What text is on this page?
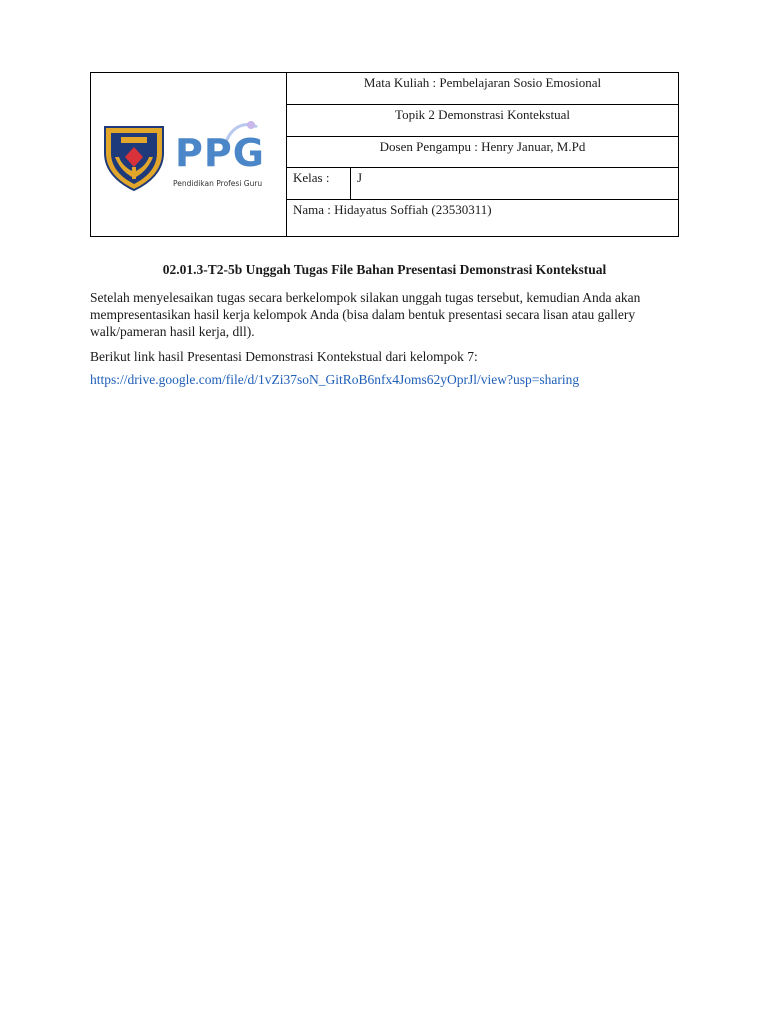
PPG
Pendidikan Profesi Guru
Mata Kuliah : Pembelajaran Sosio Emosional
Topik 2 Demonstrasi Kontekstual
Dosen Pengampu : Henry Januar, M.Pd
Kelas :	J
Nama : Hidayatus Soffiah (23530311)
02.01.3-T2-5b Unggah Tugas File Bahan Presentasi Demonstrasi Kontekstual
Setelah menyelesaikan tugas secara berkelompok silakan unggah tugas tersebut, kemudian Anda akan mempresentasikan hasil kerja kelompok Anda (bisa dalam bentuk presentasi secara lisan atau gallery walk/pameran hasil kerja, dll).
Berikut link hasil Presentasi Demonstrasi Kontekstual dari kelompok 7:
https://drive.google.com/file/d/1vZi37soN_GitRoB6nfx4Joms62yOprJl/view?usp=sharing
